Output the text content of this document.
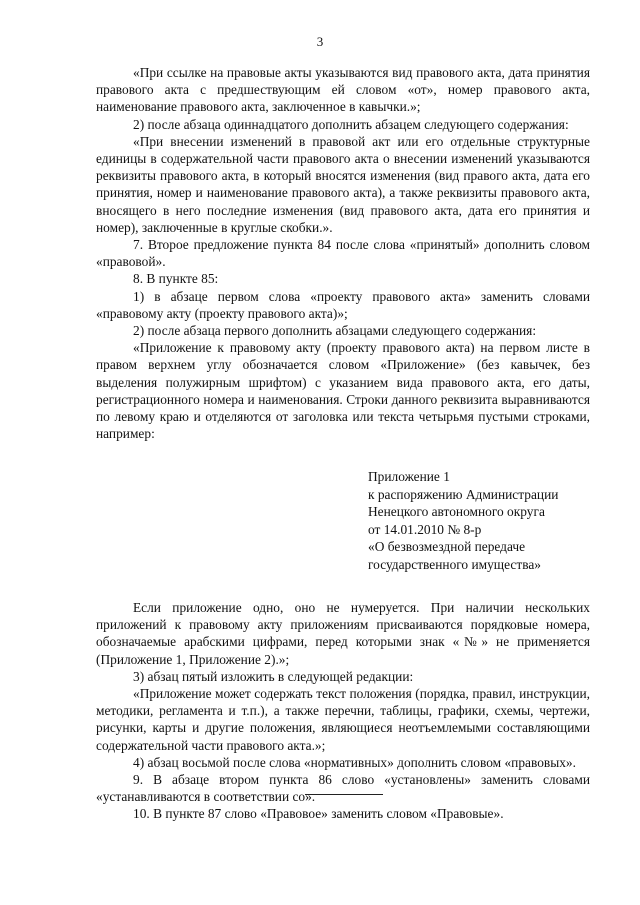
3

«При ссылке на правовые акты указываются вид правового акта, дата принятия правового акта с предшествующим ей словом «от», номер правового акта, наименование правового акта, заключенное в кавычки.»;

2) после абзаца одиннадцатого дополнить абзацем следующего содержания:

«При внесении изменений в правовой акт или его отдельные структурные единицы в содержательной части правового акта о внесении изменений указываются реквизиты правового акта, в который вносятся изменения (вид правого акта, дата его принятия, номер и наименование правового акта), а также реквизиты правового акта, вносящего в него последние изменения (вид правового акта, дата его принятия и номер), заключенные в круглые скобки.».

7. Второе предложение пункта 84 после слова «принятый» дополнить словом «правовой».

8. В пункте 85:

1) в абзаце первом слова «проекту правового акта» заменить словами «правовому акту (проекту правового акта)»;

2) после абзаца первого дополнить абзацами следующего содержания:

«Приложение к правовому акту (проекту правового акта) на первом листе в правом верхнем углу обозначается словом «Приложение» (без кавычек, без выделения полужирным шрифтом) с указанием вида правового акта, его даты, регистрационного номера и наименования. Строки данного реквизита выравниваются по левому краю и отделяются от заголовка или текста четырьмя пустыми строками, например:

Приложение 1
к распоряжению Администрации
Ненецкого автономного округа
от 14.01.2010 № 8-р
«О безвозмездной передаче
государственного имущества»

Если приложение одно, оно не нумеруется. При наличии нескольких приложений к правовому акту приложениям присваиваются порядковые номера, обозначаемые арабскими цифрами, перед которыми знак «№» не применяется (Приложение 1, Приложение 2).»;

3) абзац пятый изложить в следующей редакции:

«Приложение может содержать текст положения (порядка, правил, инструкции, методики, регламента и т.п.), а также перечни, таблицы, графики, схемы, чертежи, рисунки, карты и другие положения, являющиеся неотъемлемыми составляющими содержательной части правового акта.»;

4) абзац восьмой после слова «нормативных» дополнить словом «правовых».

9. В абзаце втором пункта 86 слово «установлены» заменить словами «устанавливаются в соответствии со».

10. В пункте 87 слово «Правовое» заменить словом «Правовые».
